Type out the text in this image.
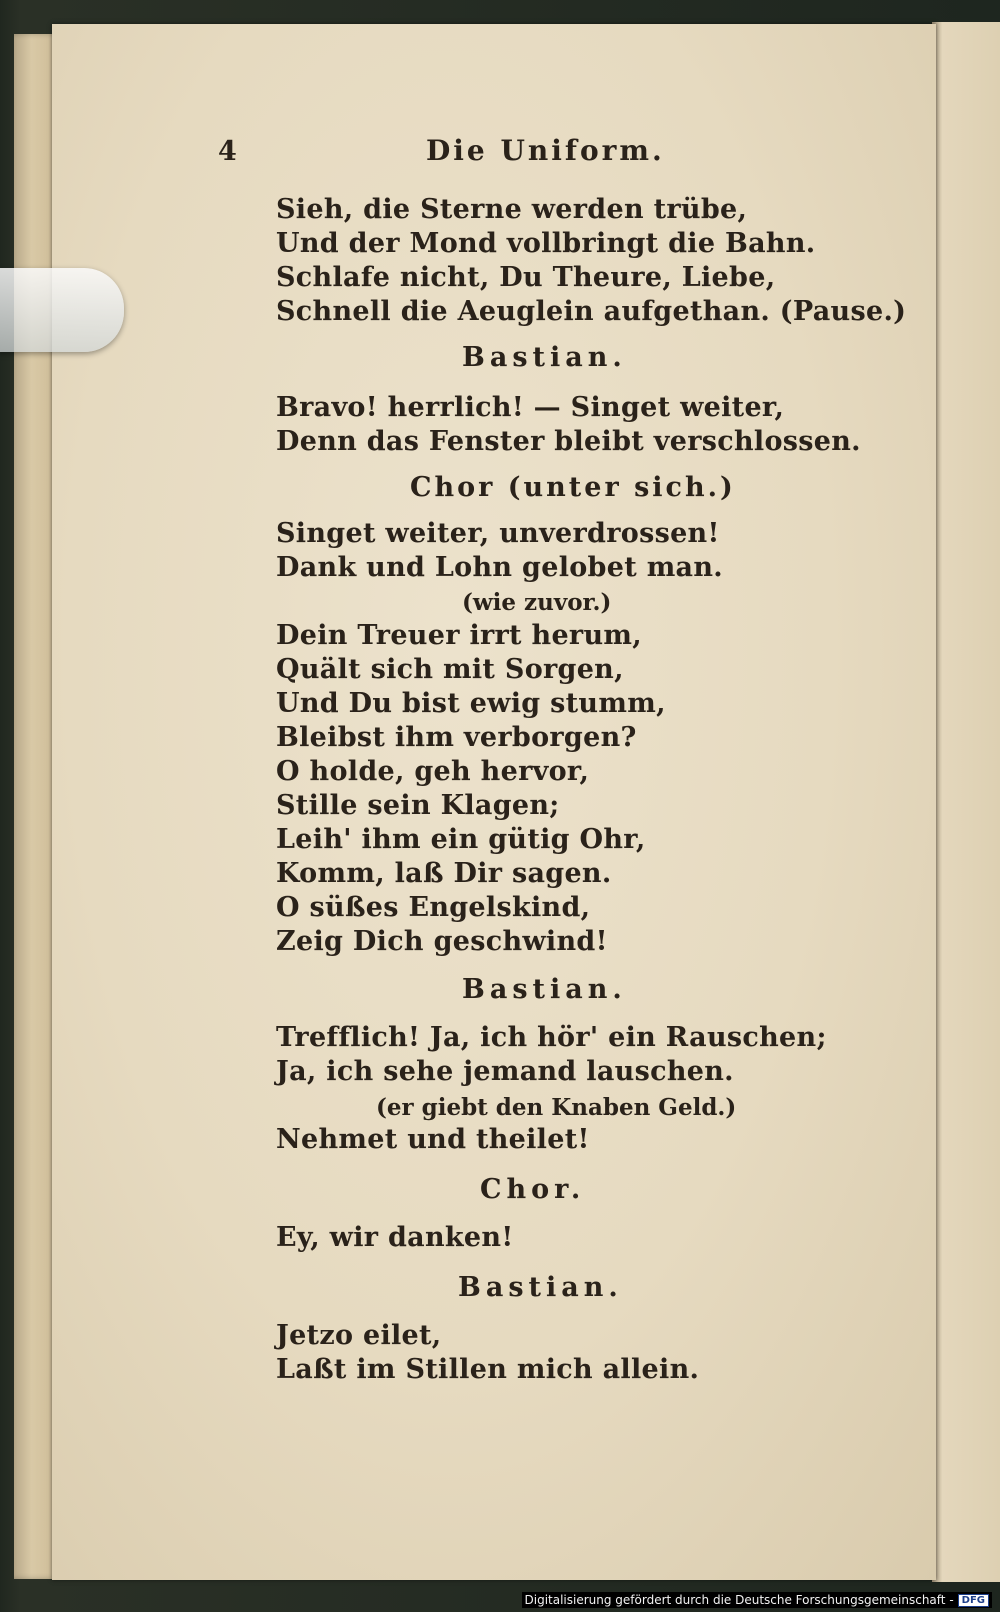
4	Die Uniform.
Sieh, die Sterne werden trübe,
Und der Mond vollbringt die Bahn.
Schlafe nicht, Du Theure, Liebe,
Schnell die Aeuglein aufgethan. (Pause.)
Bastian.
Bravo! herrlich! — Singet weiter,
Denn das Fenster bleibt verschlossen.
Chor (unter sich.)
Singet weiter, unverdrossen!
Dank und Lohn gelobet man.
(wie zuvor.)
Dein Treuer irrt herum,
Quält sich mit Sorgen,
Und Du bist ewig stumm,
Bleibst ihm verborgen?
O holde, geh hervor,
Stille sein Klagen;
Leih' ihm ein gütig Ohr,
Komm, laß Dir sagen.
O süßes Engelskind,
Zeig Dich geschwind!
Bastian.
Trefflich! Ja, ich hör' ein Rauschen;
Ja, ich sehe jemand lauschen.
(er giebt den Knaben Geld.)
Nehmet und theilet!
Chor.
Ey, wir danken!
Bastian.
Jetzo eilet,
Laßt im Stillen mich allein.
Digitalisierung gefördert durch die Deutsche Forschungsgemeinschaft - DFG
